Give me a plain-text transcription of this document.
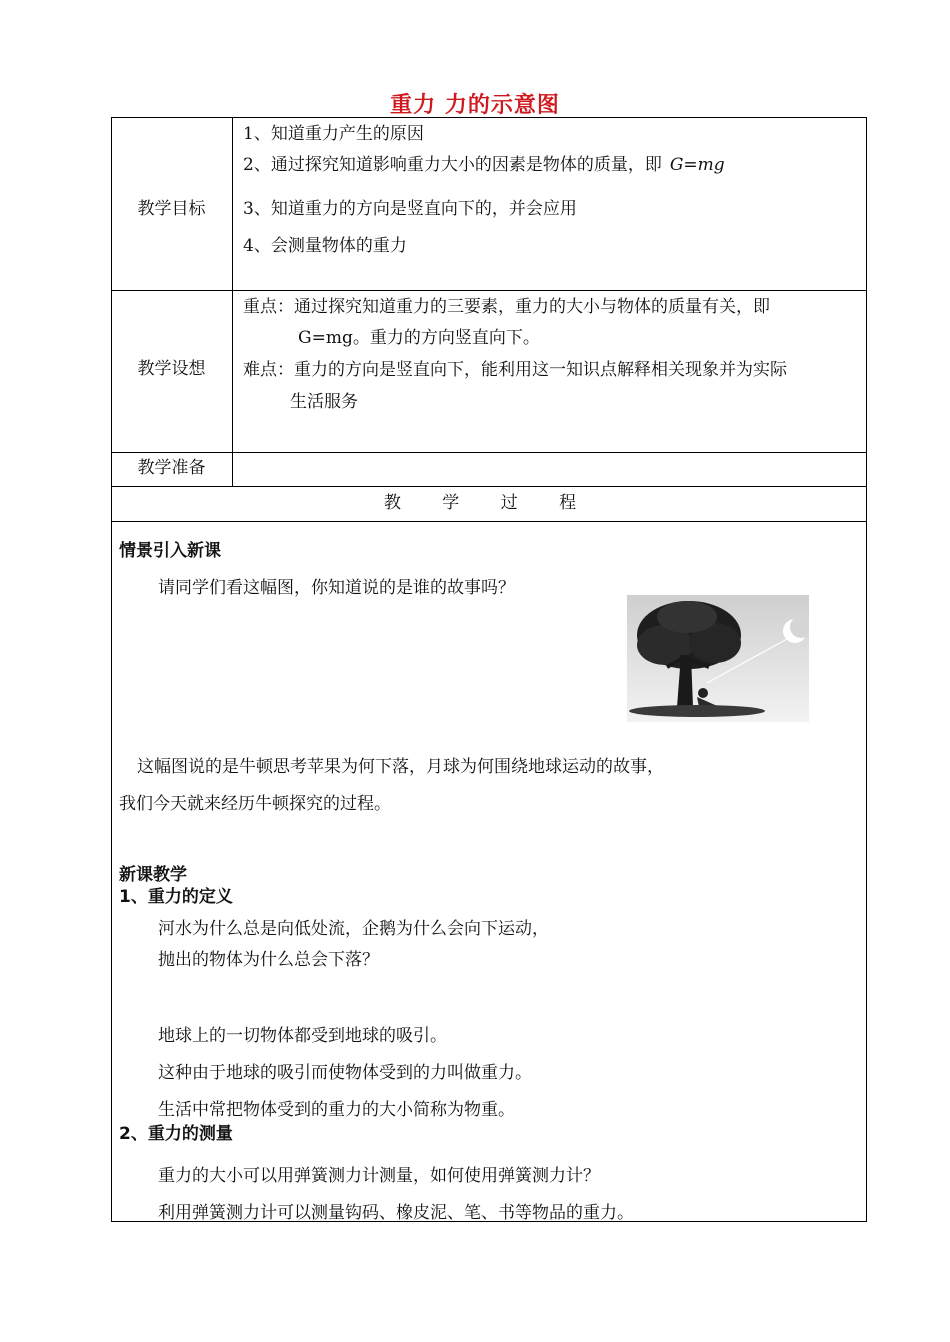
重力 力的示意图
教学目标
1、知道重力产生的原因
2、通过探究知道影响重力大小的因素是物体的质量，即 G=mg
3、知道重力的方向是竖直向下的，并会应用
4、会测量物体的重力
教学设想
重点：通过探究知道重力的三要素，重力的大小与物体的质量有关，即
G=mg。重力的方向竖直向下。
难点：重力的方向是竖直向下，能利用这一知识点解释相关现象并为实际
生活服务
教学准备
教 学 过 程
情景引入新课
请同学们看这幅图，你知道说的是谁的故事吗？
这幅图说的是牛顿思考苹果为何下落，月球为何围绕地球运动的故事，
我们今天就来经历牛顿探究的过程。
新课教学
1、重力的定义
河水为什么总是向低处流，企鹅为什么会向下运动，
抛出的物体为什么总会下落？
地球上的一切物体都受到地球的吸引。
这种由于地球的吸引而使物体受到的力叫做重力。
生活中常把物体受到的重力的大小简称为物重。
2、重力的测量
重力的大小可以用弹簧测力计测量，如何使用弹簧测力计？
利用弹簧测力计可以测量钩码、橡皮泥、笔、书等物品的重力。
